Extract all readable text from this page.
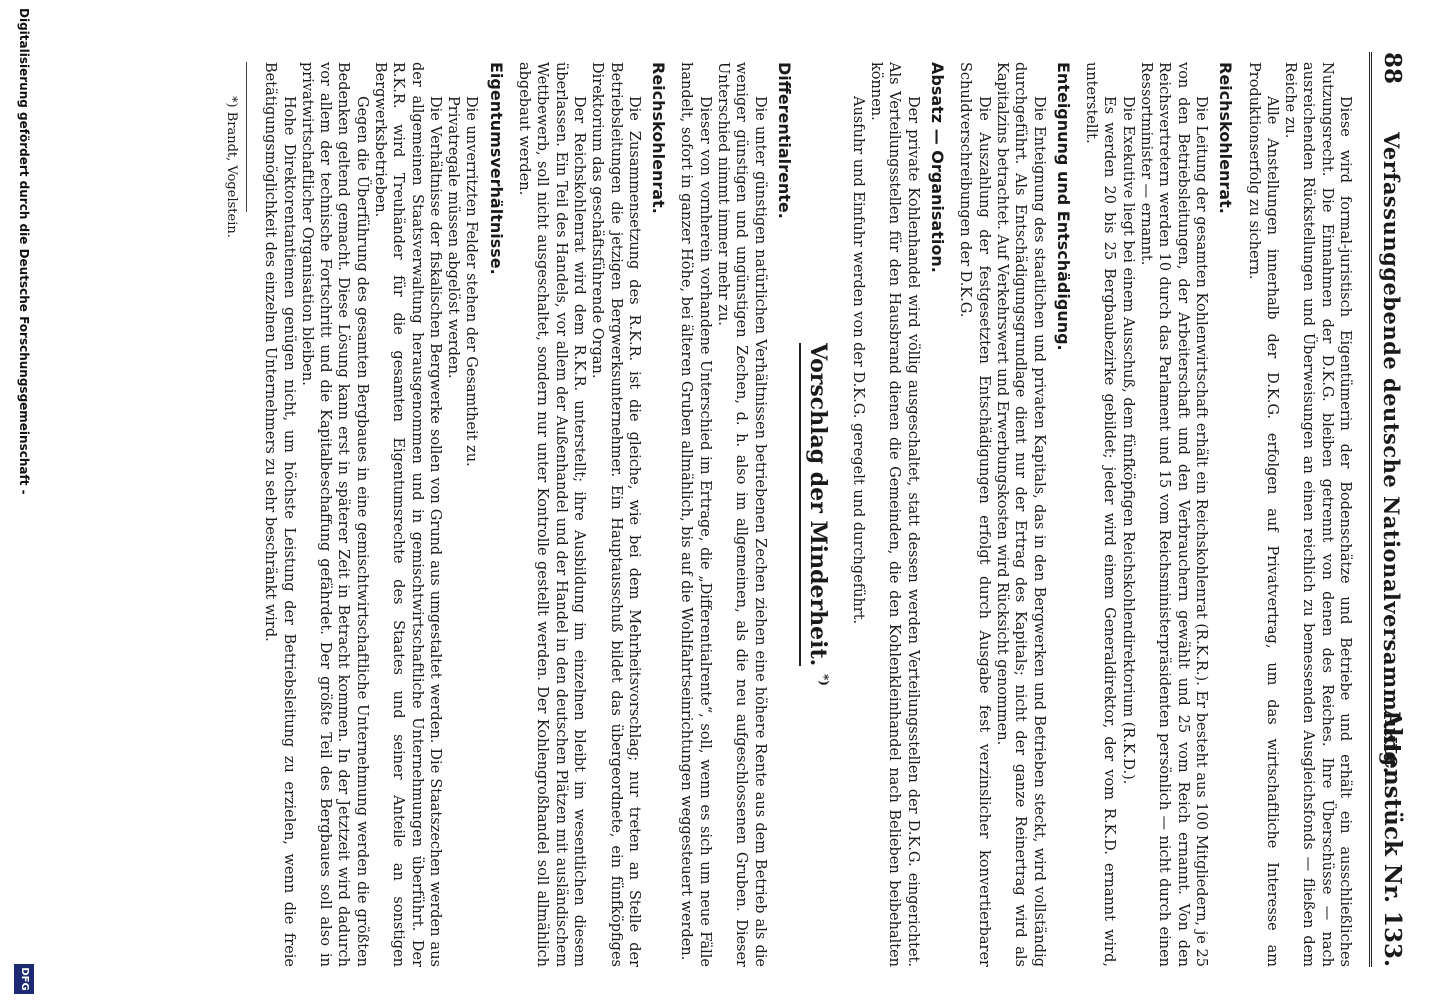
88
Verfassunggebende deutsche Nationalversammlung.
Aktenstück Nr. 133.

Diese wird formal-juristisch Eigentümerin der Bodenschätze und Betriebe und erhält ein ausschließliches Nutzungsrecht. Die Einnahmen der D.K.G. bleiben getrennt von denen des Reiches. Ihre Überschüsse — nach ausreichenden Rückstellungen und Überweisungen an einen reichlich zu bemessenden Ausgleichsfonds — fließen dem Reiche zu.

Alle Anstellungen innerhalb der D.K.G. erfolgen auf Privatvertrag, um das wirtschaftliche Interesse am Produktionserfolg zu sichern.

Reichskohlenrat.

Die Leitung der gesamten Kohlenwirtschaft erhält ein Reichskohlenrat (R.K.R.). Er besteht aus 100 Mitgliedern, je 25 von den Betriebsleitungen, der Arbeiterschaft und den Verbrauchern gewählt und 25 vom Reich ernannt. Von den Reichsvertretern werden 10 durch das Parlament und 15 vom Reichsministerpräsidenten persönlich — nicht durch einen Ressortminister — ernannt.

Die Exekutive liegt bei einem Ausschuß, dem fünfköpfigen Reichskohlendirektorium (R.K.D.).

Es werden 20 bis 25 Bergbaubezirke gebildet; jeder wird einem Generaldirektor, der vom R.K.D. ernannt wird, unterstellt.

Enteignung und Entschädigung.

Die Enteignung des staatlichen und privaten Kapitals, das in den Bergwerken und Betrieben steckt, wird vollständig durchgeführt. Als Entschädigungsgrundlage dient nur der Ertrag des Kapitals; nicht der ganze Reinertrag wird als Kapitalzins betrachtet. Auf Verkehrswert und Erwerbungskosten wird Rücksicht genommen.

Die Auszahlung der festgesetzten Entschädigungen erfolgt durch Ausgabe fest verzinslicher konvertierbarer Schuldverschreibungen der D.K.G.

Absatz — Organisation.

Der private Kohlenhandel wird völlig ausgeschaltet, statt dessen werden Verteilungsstellen der D.K.G. eingerichtet. Als Verteilungsstellen für den Hausbrand dienen die Gemeinden, die den Kohlenkleinhandel nach Belieben beibehalten können.

Ausfuhr und Einfuhr werden von der D.K.G. geregelt und durchgeführt.

Vorschlag der Minderheit. *)
Differentialrente.

Die unter günstigen natürlichen Verhältnissen betriebenen Zechen ziehen eine höhere Rente aus dem Betrieb als die weniger günstigen und ungünstigen Zechen, d. h. also im allgemeinen, als die neu aufgeschlossenen Gruben. Dieser Unterschied nimmt immer mehr zu.

Dieser von vornherein vorhandene Unterschied im Ertrage, die „Differentialrente“, soll, wenn es sich um neue Fälle handelt, sofort in ganzer Höhe, bei älteren Gruben allmählich, bis auf die Wohlfahrtseinrichtungen weggesteuert werden.

Reichskohlenrat.

Die Zusammensetzung des R.K.R. ist die gleiche, wie bei dem Mehrheitsvorschlag; nur treten an Stelle der Betriebsleitungen die jetzigen Bergwerksunternehmer. Ein Hauptausschuß bildet das übergeordnete, ein fünfköpfiges Direktorium das geschäftsführende Organ.

Der Reichskohlenrat wird dem R.K.R. unterstellt; ihre Ausbildung im einzelnen bleibt im wesentlichen diesem überlassen. Ein Teil des Handels, vor allem der Außenhandel und der Handel in den deutschen Plätzen mit ausländischem Wettbewerb, soll nicht ausgeschaltet, sondern nur unter Kontrolle gestellt werden. Der Kohlengroßhandel soll allmählich abgebaut werden.

Eigentumsverhältnisse.

Die unverritzten Felder stehen der Gesamtheit zu.

Privatregale müssen abgelöst werden.

Die Verhältnisse der fiskalischen Bergwerke sollen von Grund aus umgestaltet werden. Die Staatszechen werden aus der allgemeinen Staatsverwaltung herausgenommen und in gemischtwirtschaftliche Unternehmungen überführt. Der R.K.R. wird Treuhänder für die gesamten Eigentumsrechte des Staates und seiner Anteile an sonstigen Bergwerksbetrieben.

Gegen die Überführung des gesamten Bergbaues in eine gemischtwirtschaftliche Unternehmung werden die größten Bedenken geltend gemacht. Diese Lösung kann erst in späterer Zeit in Betracht kommen. In der Jetztzeit wird dadurch vor allem der technische Fortschritt und die Kapitalbeschaffung gefährdet. Der größte Teil des Bergbaues soll also in privatwirtschaftlicher Organisation bleiben.

Hohe Direktorentantiemen genügen nicht, um höchste Leistung der Betriebsleitung zu erzielen, wenn die freie Betätigungsmöglichkeit des einzelnen Unternehmers zu sehr beschränkt wird.

*) Brandt, Vogelstein.

Digitalisierung gefördert durch die Deutsche Forschungsgemeinschaft -
DFG
